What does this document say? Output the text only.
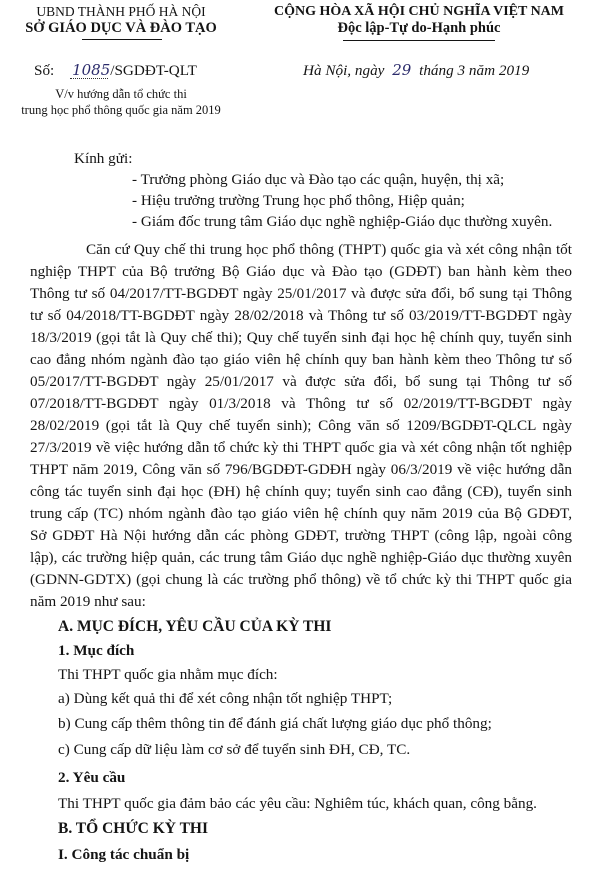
UBND THÀNH PHỐ HÀ NỘI
SỞ GIÁO DỤC VÀ ĐÀO TẠO
Số: 1085/SGDĐT-QLT
V/v hướng dẫn tổ chức thi
trung học phổ thông quốc gia năm 2019
CỘNG HÒA XÃ HỘI CHỦ NGHĨA VIỆT NAM
Độc lập-Tự do-Hạnh phúc
Hà Nội, ngày 29 tháng 3 năm 2019
Kính gửi:
- Trưởng phòng Giáo dục và Đào tạo các quận, huyện, thị xã;
- Hiệu trưởng trường Trung học phổ thông, Hiệp quản;
- Giám đốc trung tâm Giáo dục nghề nghiệp-Giáo dục thường xuyên.
Căn cứ Quy chế thi trung học phổ thông (THPT) quốc gia và xét công nhận tốt
nghiệp THPT của Bộ trưởng Bộ Giáo dục và Đào tạo (GDĐT) ban hành kèm theo
Thông tư số 04/2017/TT-BGDĐT ngày 25/01/2017 và được sửa đổi, bổ sung tại Thông
tư số 04/2018/TT-BGDĐT ngày 28/02/2018 và Thông tư số 03/2019/TT-BGDĐT ngày
18/3/2019 (gọi tắt là Quy chế thi); Quy chế tuyển sinh đại học hệ chính quy, tuyển sinh
cao đẳng nhóm ngành đào tạo giáo viên hệ chính quy ban hành kèm theo Thông tư số
05/2017/TT-BGDĐT ngày 25/01/2017 và được sửa đổi, bổ sung tại Thông tư số
07/2018/TT-BGDĐT ngày 01/3/2018 và Thông tư số 02/2019/TT-BGDĐT ngày
28/02/2019 (gọi tắt là Quy chế tuyển sinh); Công văn số 1209/BGDĐT-QLCL ngày
27/3/2019 về việc hướng dẫn tổ chức kỳ thi THPT quốc gia và xét công nhận tốt nghiệp
THPT năm 2019, Công văn số 796/BGDĐT-GDĐH ngày 06/3/2019 về việc hướng dẫn
công tác tuyển sinh đại học (ĐH) hệ chính quy; tuyển sinh cao đẳng (CĐ), tuyển sinh
trung cấp (TC) nhóm ngành đào tạo giáo viên hệ chính quy năm 2019 của Bộ GDĐT,
Sở GDĐT Hà Nội hướng dẫn các phòng GDĐT, trường THPT (công lập, ngoài công
lập), các trường hiệp quản, các trung tâm Giáo dục nghề nghiệp-Giáo dục thường xuyên
(GDNN-GDTX) (gọi chung là các trường phổ thông) về tổ chức kỳ thi THPT quốc gia
năm 2019 như sau:
A. MỤC ĐÍCH, YÊU CẦU CỦA KỲ THI
1. Mục đích
Thi THPT quốc gia nhằm mục đích:
a) Dùng kết quả thi để xét công nhận tốt nghiệp THPT;
b) Cung cấp thêm thông tin để đánh giá chất lượng giáo dục phổ thông;
c) Cung cấp dữ liệu làm cơ sở để tuyển sinh ĐH, CĐ, TC.
2. Yêu cầu
Thi THPT quốc gia đảm bảo các yêu cầu: Nghiêm túc, khách quan, công bằng.
B. TỔ CHỨC KỲ THI
I. Công tác chuẩn bị
